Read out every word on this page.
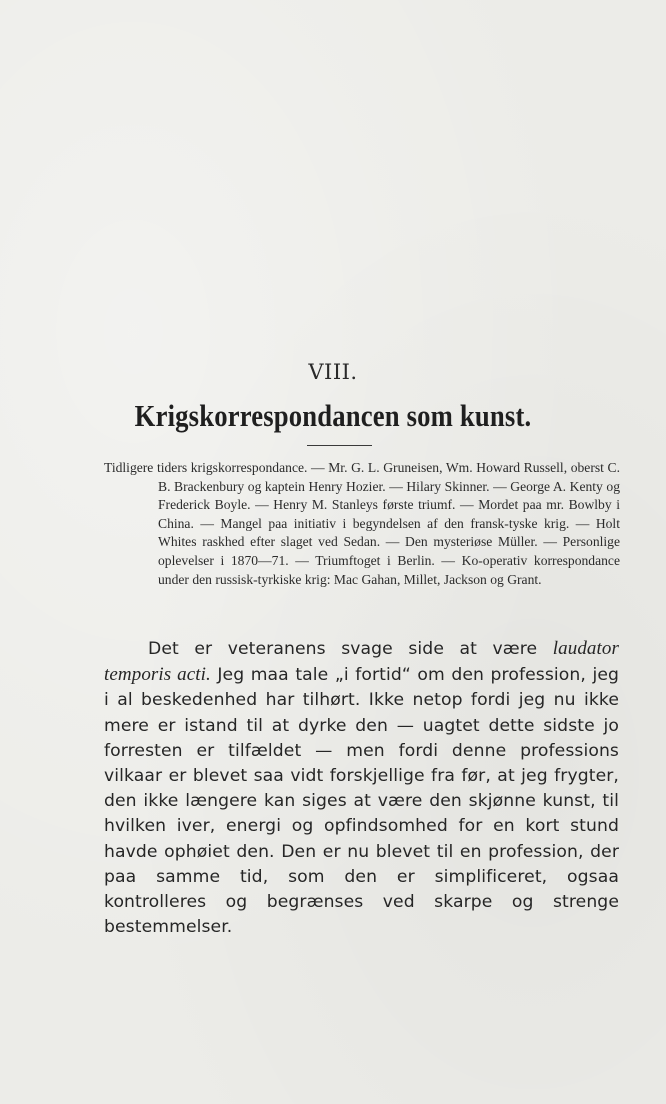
VIII.
Krigskorrespondancen som kunst.

Tidligere tiders krigskorrespondance. — Mr. G. L. Gruneisen, Wm. Howard Russell, oberst C. B. Brackenbury og kaptein Henry Hozier. — Hilary Skinner. — George A. Kenty og Frederick Boyle. — Henry M. Stanleys første triumf. — Mordet paa mr. Bowlby i China. — Mangel paa initiativ i begyndelsen af den fransk-tyske krig. — Holt Whites raskhed efter slaget ved Sedan. — Den mysteriøse Müller. — Personlige oplevelser i 1870—71. — Triumftoget i Berlin. — Ko-operativ korrespondance under den russisk-tyrkiske krig: Mac Gahan, Millet, Jackson og Grant.

Det er veteranens svage side at være laudator temporis acti. Jeg maa tale „i fortid“ om den profession, jeg i al beskedenhed har tilhørt. Ikke netop fordi jeg nu ikke mere er istand til at dyrke den — uagtet dette sidste jo forresten er tilfældet — men fordi denne professions vilkaar er blevet saa vidt forskjellige fra før, at jeg frygter, den ikke længere kan siges at være den skjønne kunst, til hvilken iver, energi og opfindsomhed for en kort stund havde ophøiet den. Den er nu blevet til en profession, der paa samme tid, som den er simplificeret, ogsaa kontrolleres og begrænses ved skarpe og strenge bestemmelser.
